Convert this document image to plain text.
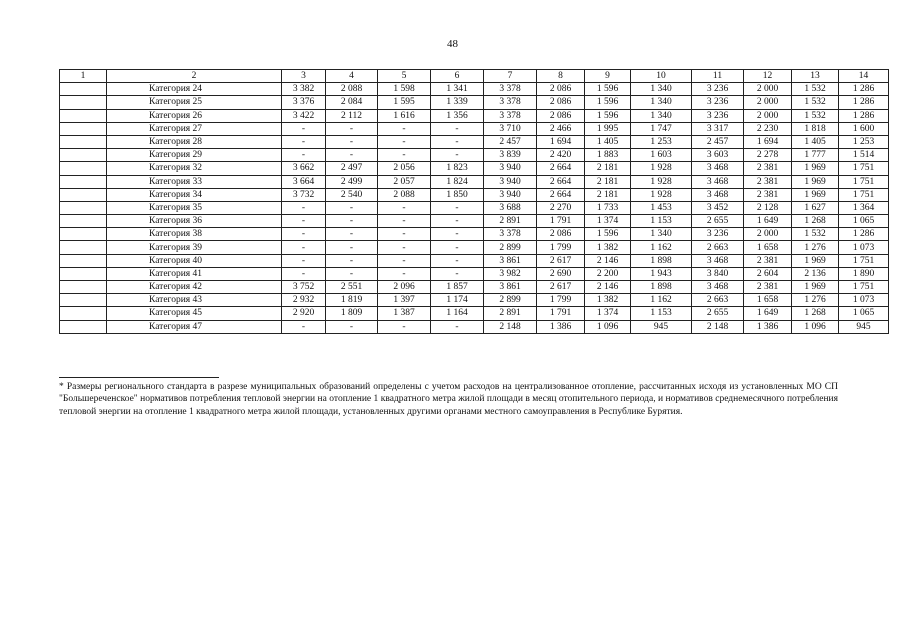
48
1	2	3	4	5	6	7	8	9	10	11	12	13	14
	Категория 24	3 382	2 088	1 598	1 341	3 378	2 086	1 596	1 340	3 236	2 000	1 532	1 286
	Категория 25	3 376	2 084	1 595	1 339	3 378	2 086	1 596	1 340	3 236	2 000	1 532	1 286
	Категория 26	3 422	2 112	1 616	1 356	3 378	2 086	1 596	1 340	3 236	2 000	1 532	1 286
	Категория 27	-	-	-	-	3 710	2 466	1 995	1 747	3 317	2 230	1 818	1 600
	Категория 28	-	-	-	-	2 457	1 694	1 405	1 253	2 457	1 694	1 405	1 253
	Категория 29	-	-	-	-	3 839	2 420	1 883	1 603	3 603	2 278	1 777	1 514
	Категория 32	3 662	2 497	2 056	1 823	3 940	2 664	2 181	1 928	3 468	2 381	1 969	1 751
	Категория 33	3 664	2 499	2 057	1 824	3 940	2 664	2 181	1 928	3 468	2 381	1 969	1 751
	Категория 34	3 732	2 540	2 088	1 850	3 940	2 664	2 181	1 928	3 468	2 381	1 969	1 751
	Категория 35	-	-	-	-	3 688	2 270	1 733	1 453	3 452	2 128	1 627	1 364
	Категория 36	-	-	-	-	2 891	1 791	1 374	1 153	2 655	1 649	1 268	1 065
	Категория 38	-	-	-	-	3 378	2 086	1 596	1 340	3 236	2 000	1 532	1 286
	Категория 39	-	-	-	-	2 899	1 799	1 382	1 162	2 663	1 658	1 276	1 073
	Категория 40	-	-	-	-	3 861	2 617	2 146	1 898	3 468	2 381	1 969	1 751
	Категория 41	-	-	-	-	3 982	2 690	2 200	1 943	3 840	2 604	2 136	1 890
	Категория 42	3 752	2 551	2 096	1 857	3 861	2 617	2 146	1 898	3 468	2 381	1 969	1 751
	Категория 43	2 932	1 819	1 397	1 174	2 899	1 799	1 382	1 162	2 663	1 658	1 276	1 073
	Категория 45	2 920	1 809	1 387	1 164	2 891	1 791	1 374	1 153	2 655	1 649	1 268	1 065
	Категория 47	-	-	-	-	2 148	1 386	1 096	945	2 148	1 386	1 096	945
* Размеры регионального стандарта в разрезе муниципальных образований определены с учетом расходов на централизованное отопление, рассчитанных исходя из установленных МО СП "Большереченское" нормативов потребления тепловой энергии на отопление 1 квадратного метра жилой площади в месяц отопительного периода, и нормативов среднемесячного потребления тепловой энергии на отопление 1 квадратного метра жилой площади, установленных другими органами местного самоуправления в Республике Бурятия.
